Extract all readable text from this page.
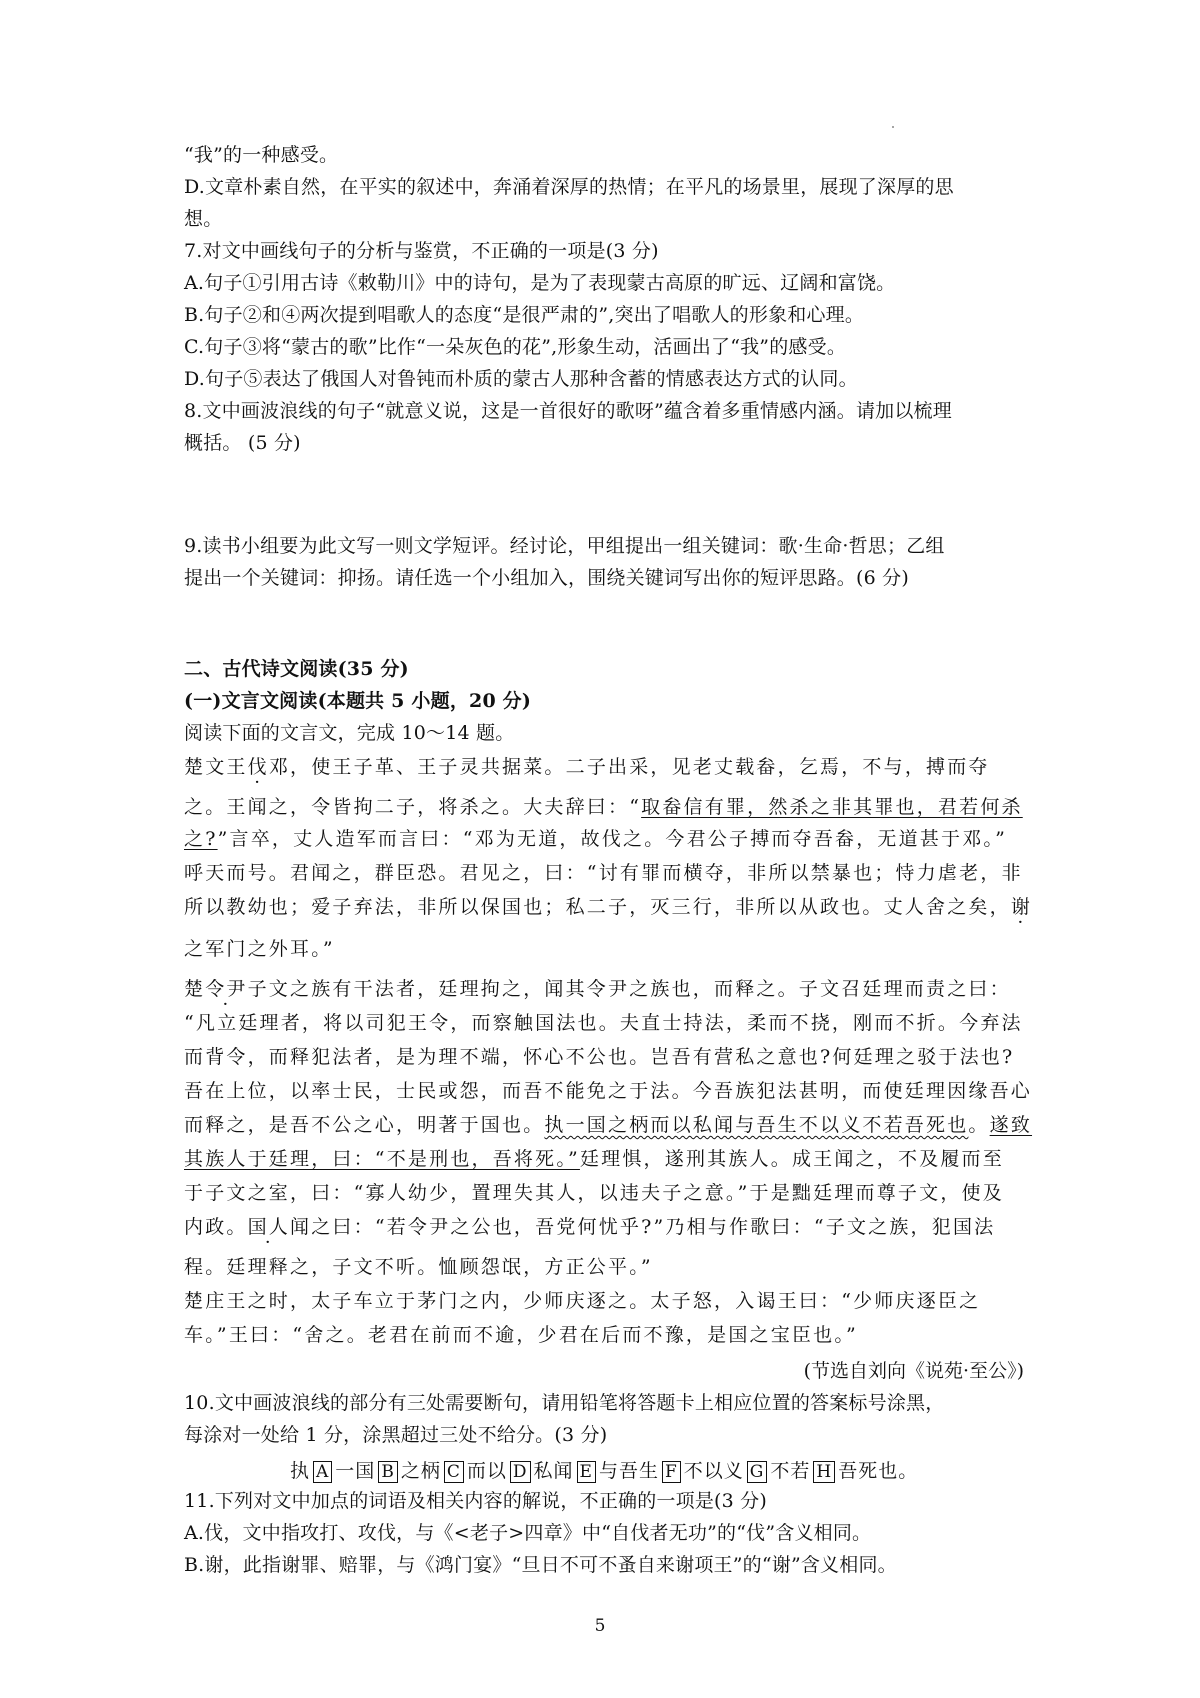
“我”的一种感受。
D.文章朴素自然，在平实的叙述中，奔涌着深厚的热情；在平凡的场景里，展现了深厚的思
想。
7.对文中画线句子的分析与鉴赏，不正确的一项是(3 分)
A.句子①引用古诗《敕勒川》中的诗句，是为了表现蒙古高原的旷远、辽阔和富饶。
B.句子②和④两次提到唱歌人的态度“是很严肃的”,突出了唱歌人的形象和心理。
C.句子③将“蒙古的歌”比作“一朵灰色的花”,形象生动，活画出了“我”的感受。
D.句子⑤表达了俄国人对鲁钝而朴质的蒙古人那种含蓄的情感表达方式的认同。
8.文中画波浪线的句子“就意义说，这是一首很好的歌呀”蕴含着多重情感内涵。请加以梳理
概括。 (5 分)
9.读书小组要为此文写一则文学短评。经讨论，甲组提出一组关键词：歌·生命·哲思；乙组
提出一个关键词：抑扬。请任选一个小组加入，围绕关键词写出你的短评思路。(6 分)
二、古代诗文阅读(35 分)
(一)文言文阅读(本题共 5 小题，20 分)
阅读下面的文言文，完成 10～14 题。
楚文王伐邓，使王子革、王子灵共据菜。二子出采，见老丈载畚，乞焉，不与，搏而夺
之。王闻之，令皆拘二子，将杀之。大夫辞曰：“取畚信有罪，然杀之非其罪也，君若何杀
之?”言卒，丈人造军而言曰：“邓为无道，故伐之。今君公子搏而夺吾畚，无道甚于邓。”
呼天而号。君闻之，群臣恐。君见之，曰：“讨有罪而横夺，非所以禁暴也；恃力虐老，非
所以教幼也；爱子弃法，非所以保国也；私二子，灭三行，非所以从政也。丈人舍之矣，谢
之军门之外耳。”
楚令尹子文之族有干法者，廷理拘之，闻其令尹之族也，而释之。子文召廷理而责之曰：
“凡立廷理者，将以司犯王令，而察触国法也。夫直士持法，柔而不挠，刚而不折。今弃法
而背令，而释犯法者，是为理不端，怀心不公也。岂吾有营私之意也?何廷理之驳于法也?
吾在上位，以率士民，士民或怨，而吾不能免之于法。今吾族犯法甚明，而使廷理因缘吾心
而释之，是吾不公之心，明著于国也。执一国之柄而以私闻与吾生不以义不若吾死也。遂致
其族人于廷理，曰：“不是刑也，吾将死。”廷理惧，遂刑其族人。成王闻之，不及履而至
于子文之室，曰：“寡人幼少，置理失其人，以违夫子之意。”于是黜廷理而尊子文，使及
内政。国人闻之曰：“若令尹之公也，吾党何忧乎?”乃相与作歌曰：“子文之族，犯国法
程。廷理释之，子文不听。恤顾怨氓，方正公平。”
楚庄王之时，太子车立于茅门之内，少师庆逐之。太子怒，入谒王曰：“少师庆逐臣之
车。”王曰：“舍之。老君在前而不逾，少君在后而不豫，是国之宝臣也。”
(节选自刘向《说苑·至公》)
10.文中画波浪线的部分有三处需要断句，请用铅笔将答题卡上相应位置的答案标号涂黑，
每涂对一处给 1 分，涂黑超过三处不给分。(3 分)
执 A 一国 B 之柄 C 而以 D 私闻 E 与吾生 F 不以义 G 不若 H 吾死也。
11.下列对文中加点的词语及相关内容的解说，不正确的一项是(3 分)
A.伐，文中指攻打、攻伐，与《<老子>四章》中“自伐者无功”的“伐”含义相同。
B.谢，此指谢罪、赔罪，与《鸿门宴》“旦日不可不蚤自来谢项王”的“谢”含义相同。
5
